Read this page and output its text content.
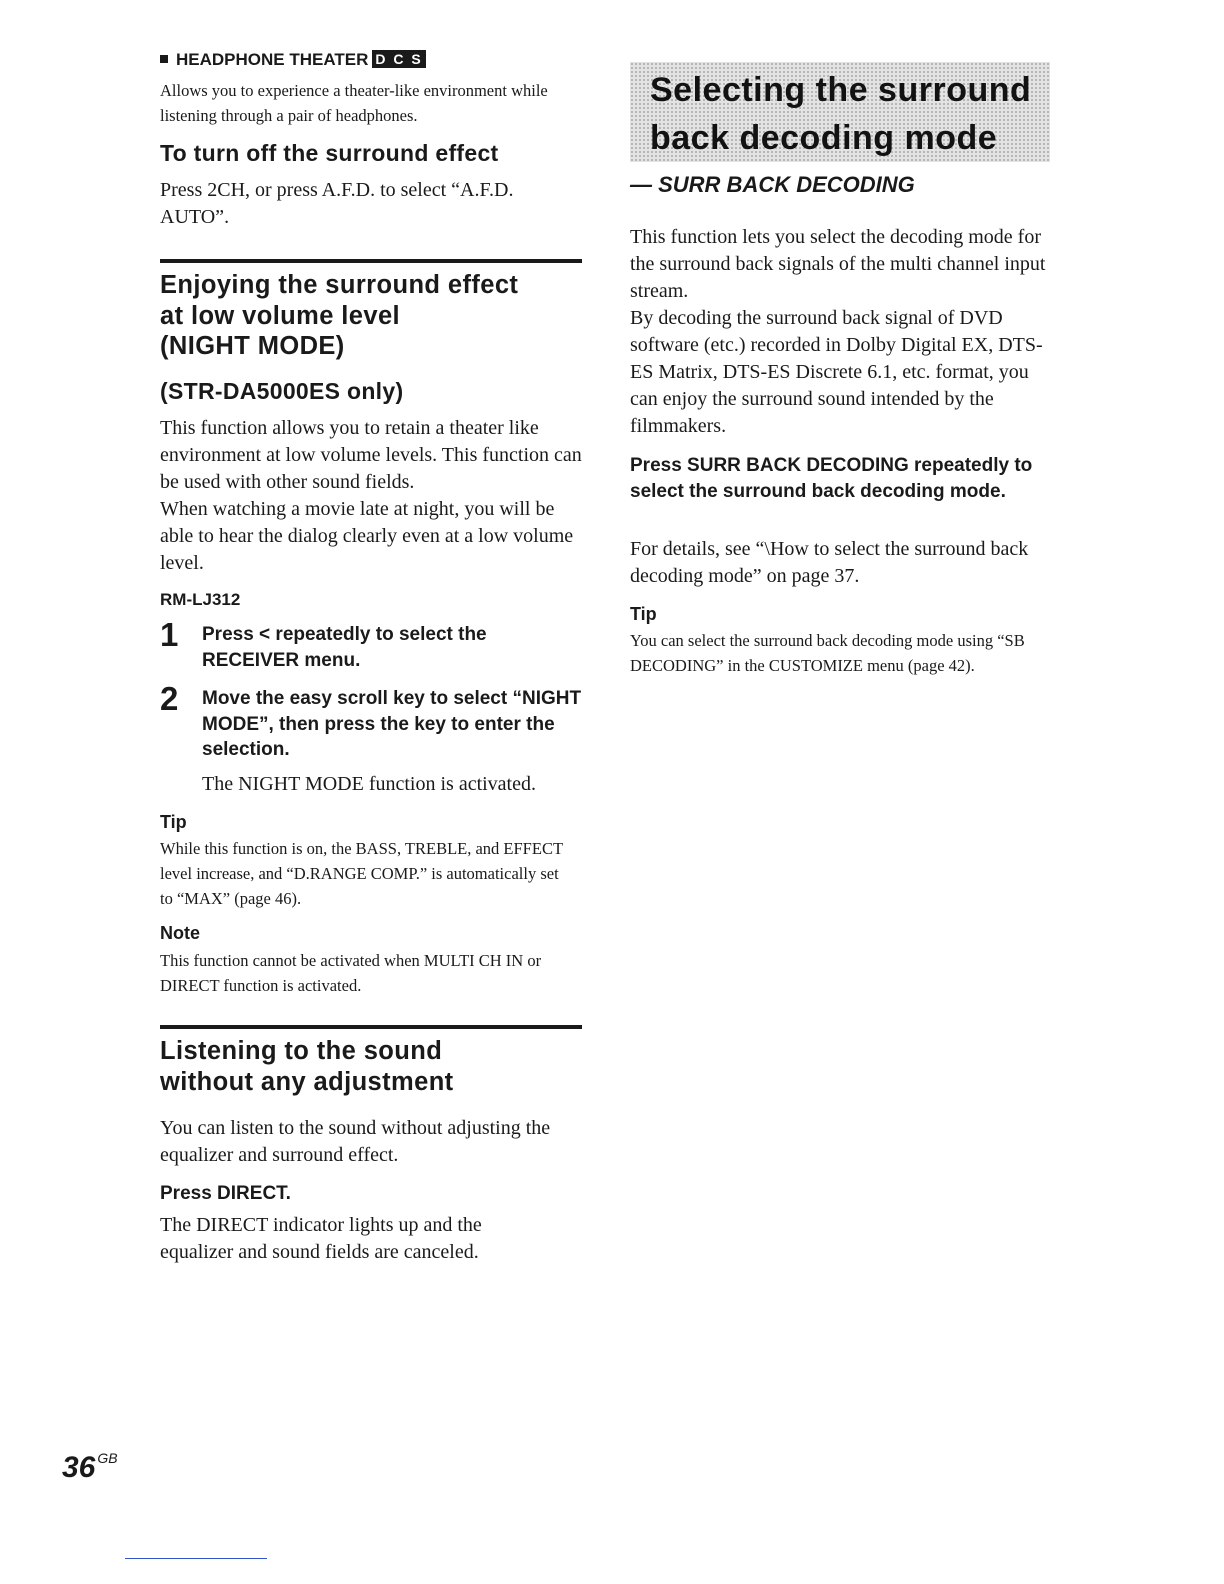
HEADPHONE THEATER D C S
Allows you to experience a theater-like environment while listening through a pair of headphones.
To turn off the surround effect
Press 2CH, or press A.F.D. to select “A.F.D. AUTO”.
Enjoying the surround effect
at low volume level
(NIGHT MODE)
(STR-DA5000ES only)
This function allows you to retain a theater like environment at low volume levels. This function can be used with other sound fields.
When watching a movie late at night, you will be able to hear the dialog clearly even at a low volume level.
RM-LJ312
1 Press < repeatedly to select the RECEIVER menu.
2 Move the easy scroll key to select “NIGHT MODE”, then press the key to enter the selection.
The NIGHT MODE function is activated.
Tip
While this function is on, the BASS, TREBLE, and EFFECT level increase, and “D.RANGE COMP.” is automatically set to “MAX” (page 46).
Note
This function cannot be activated when MULTI CH IN or DIRECT function is activated.
Listening to the sound
without any adjustment
You can listen to the sound without adjusting the equalizer and surround effect.
Press DIRECT.
The DIRECT indicator lights up and the equalizer and sound fields are canceled.
Selecting the surround
back decoding mode
— SURR BACK DECODING
This function lets you select the decoding mode for the surround back signals of the multi channel input stream.
By decoding the surround back signal of DVD software (etc.) recorded in Dolby Digital EX, DTS-ES Matrix, DTS-ES Discrete 6.1, etc. format, you can enjoy the surround sound intended by the filmmakers.
Press SURR BACK DECODING repeatedly to select the surround back decoding mode.
For details, see “\How to select the surround back decoding mode” on page 37.
Tip
You can select the surround back decoding mode using “SB DECODING” in the CUSTOMIZE menu (page 42).
36 $^{GB}$
